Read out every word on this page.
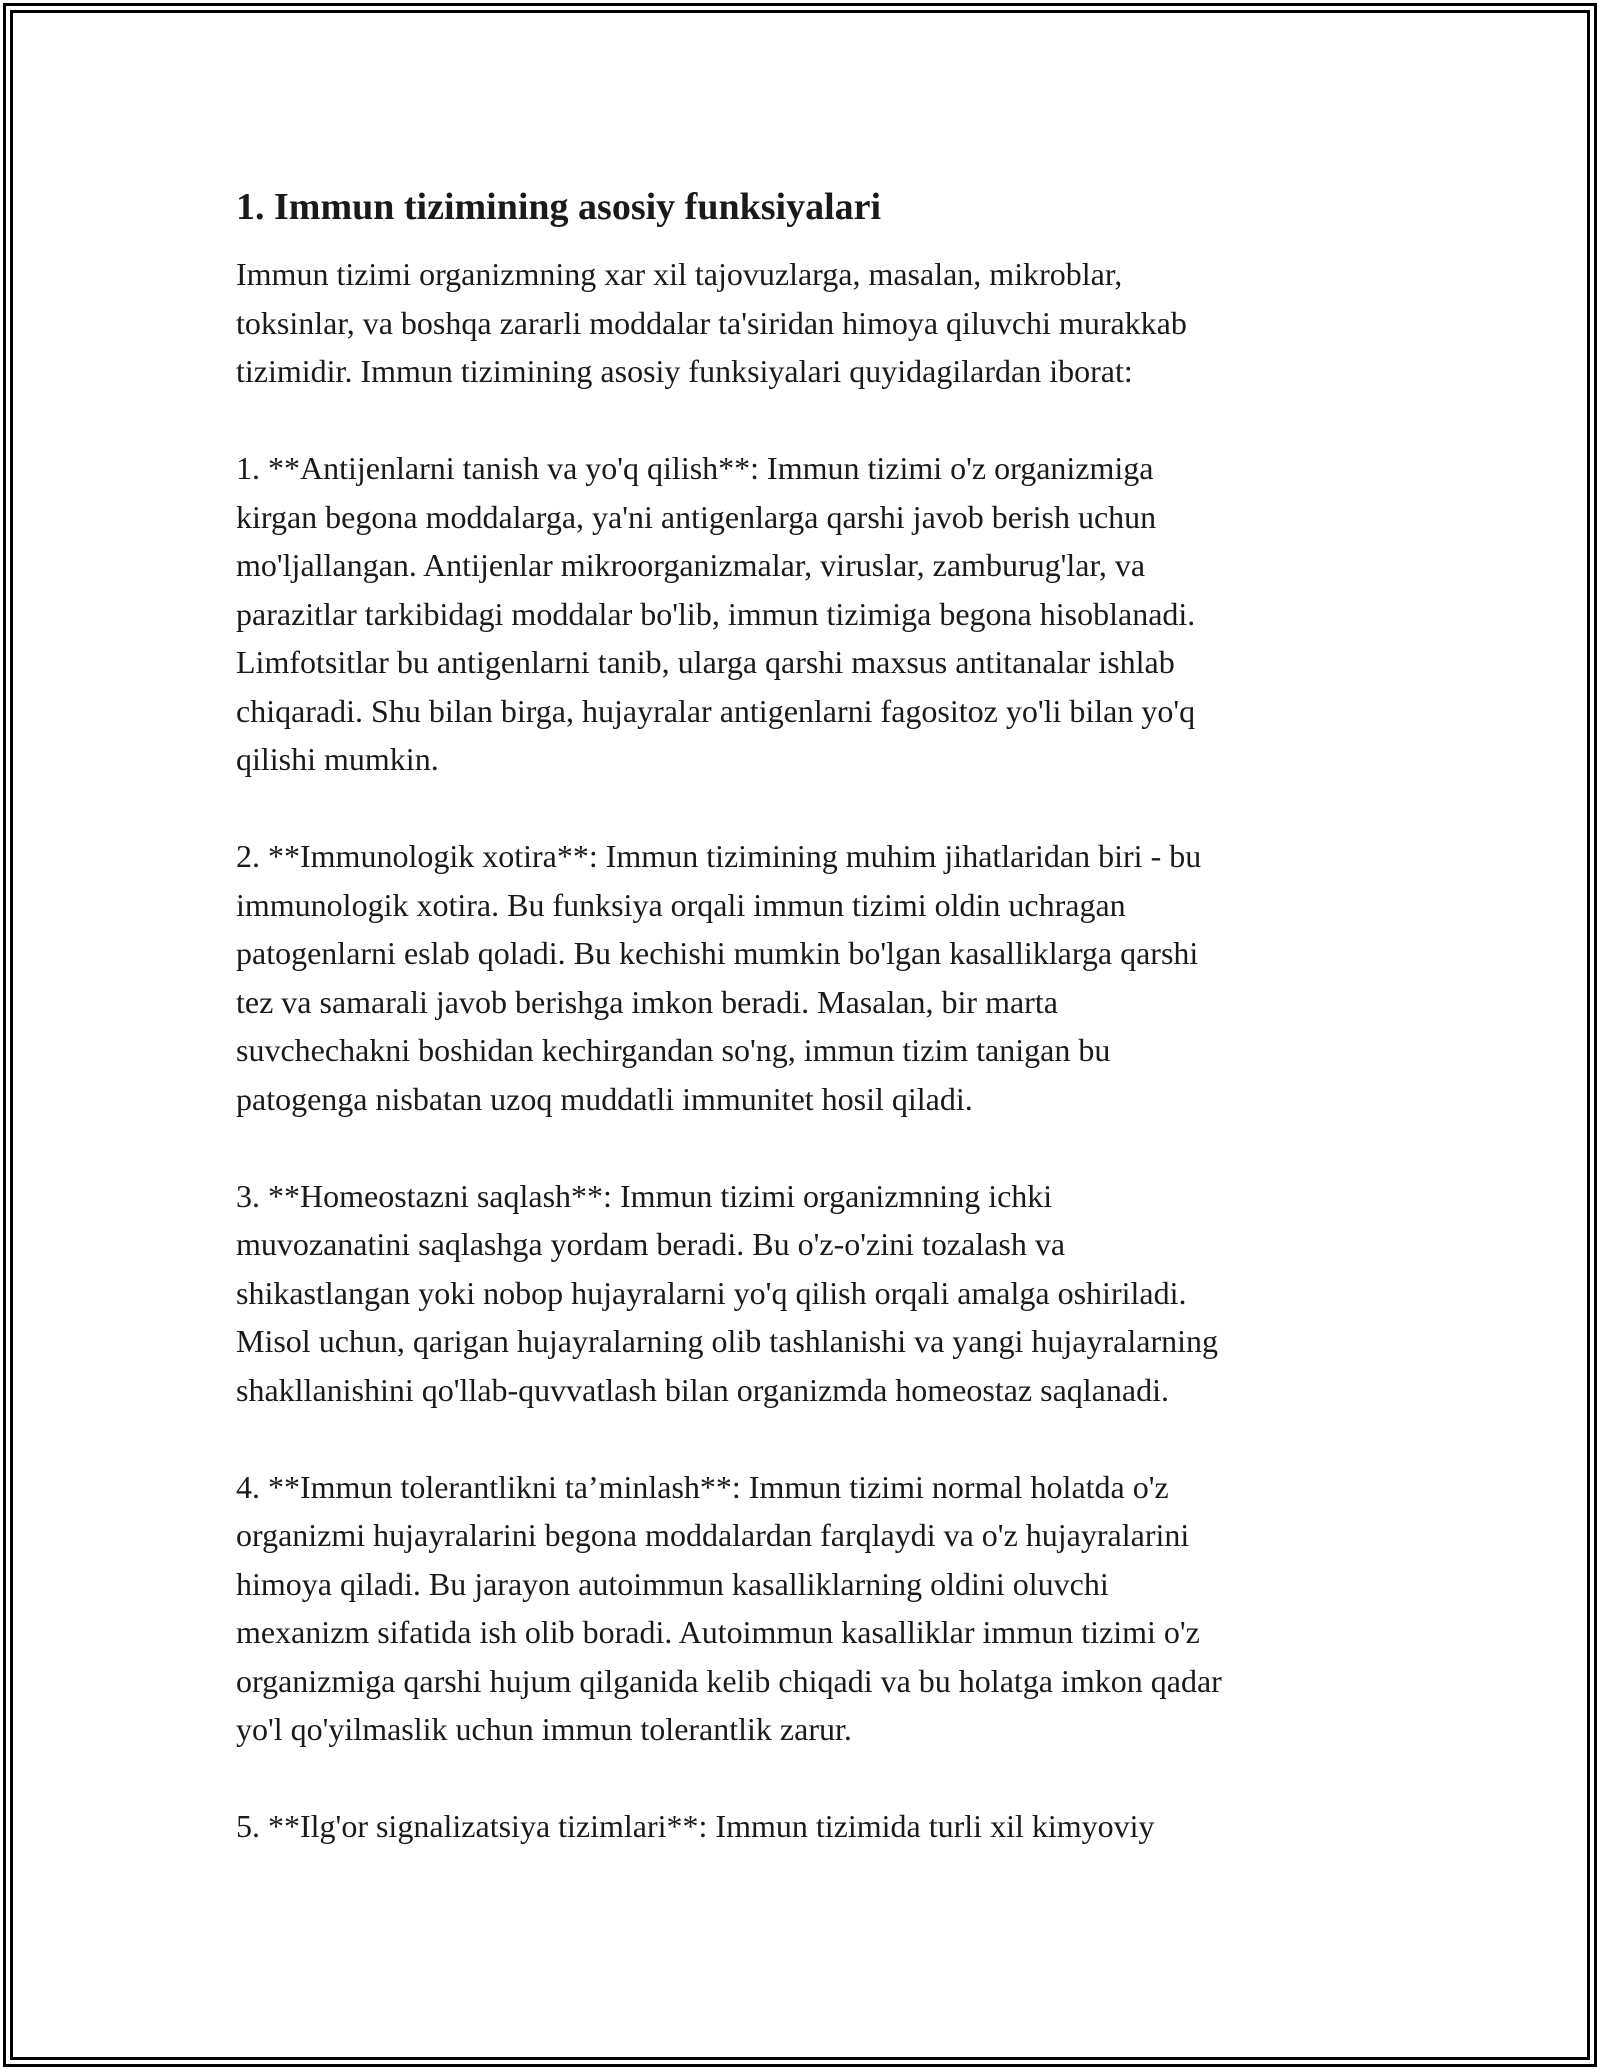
1. Immun tizimining asosiy funksiyalari

Immun tizimi organizmning xar xil tajovuzlarga, masalan, mikroblar,
toksinlar, va boshqa zararli moddalar ta'siridan himoya qiluvchi murakkab
tizimidir. Immun tizimining asosiy funksiyalari quyidagilardan iborat:

1. **Antijenlarni tanish va yo'q qilish**: Immun tizimi o'z organizmiga
kirgan begona moddalarga, ya'ni antigenlarga qarshi javob berish uchun
mo'ljallangan. Antijenlar mikroorganizmalar, viruslar, zamburug'lar, va
parazitlar tarkibidagi moddalar bo'lib, immun tizimiga begona hisoblanadi.
Limfotsitlar bu antigenlarni tanib, ularga qarshi maxsus antitanalar ishlab
chiqaradi. Shu bilan birga, hujayralar antigenlarni fagositoz yo'li bilan yo'q
qilishi mumkin.

2. **Immunologik xotira**: Immun tizimining muhim jihatlaridan biri - bu
immunologik xotira. Bu funksiya orqali immun tizimi oldin uchragan
patogenlarni eslab qoladi. Bu kechishi mumkin bo'lgan kasalliklarga qarshi
tez va samarali javob berishga imkon beradi. Masalan, bir marta
suvchechakni boshidan kechirgandan so'ng, immun tizim tanigan bu
patogenga nisbatan uzoq muddatli immunitet hosil qiladi.

3. **Homeostazni saqlash**: Immun tizimi organizmning ichki
muvozanatini saqlashga yordam beradi. Bu o'z-o'zini tozalash va
shikastlangan yoki nobop hujayralarni yo'q qilish orqali amalga oshiriladi.
Misol uchun, qarigan hujayralarning olib tashlanishi va yangi hujayralarning
shakllanishini qo'llab-quvvatlash bilan organizmda homeostaz saqlanadi.

4. **Immun tolerantlikni ta’minlash**: Immun tizimi normal holatda o'z
organizmi hujayralarini begona moddalardan farqlaydi va o'z hujayralarini
himoya qiladi. Bu jarayon autoimmun kasalliklarning oldini oluvchi
mexanizm sifatida ish olib boradi. Autoimmun kasalliklar immun tizimi o'z
organizmiga qarshi hujum qilganida kelib chiqadi va bu holatga imkon qadar
yo'l qo'yilmaslik uchun immun tolerantlik zarur.

5. **Ilg'or signalizatsiya tizimlari**: Immun tizimida turli xil kimyoviy
